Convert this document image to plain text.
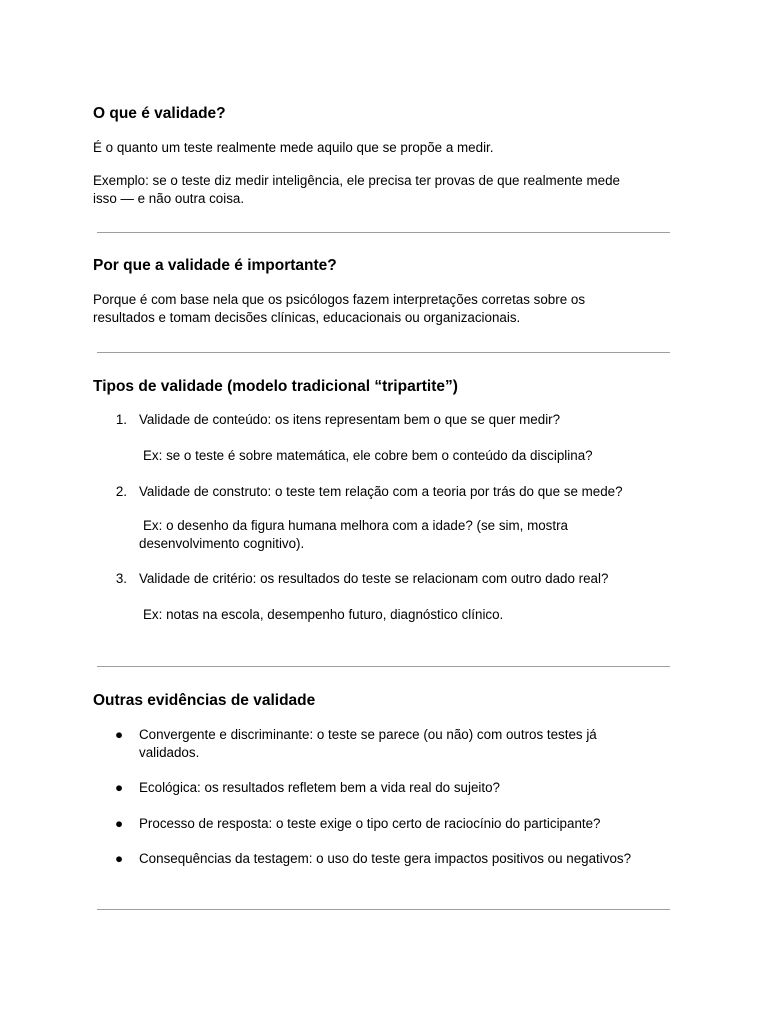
O que é validade?
É o quanto um teste realmente mede aquilo que se propõe a medir.
Exemplo: se o teste diz medir inteligência, ele precisa ter provas de que realmente mede
isso — e não outra coisa.
Por que a validade é importante?
Porque é com base nela que os psicólogos fazem interpretações corretas sobre os
resultados e tomam decisões clínicas, educacionais ou organizacionais.
Tipos de validade (modelo tradicional “tripartite”)
1. Validade de conteúdo: os itens representam bem o que se quer medir?
Ex: se o teste é sobre matemática, ele cobre bem o conteúdo da disciplina?
2. Validade de construto: o teste tem relação com a teoria por trás do que se mede?
Ex: o desenho da figura humana melhora com a idade? (se sim, mostra
desenvolvimento cognitivo).
3. Validade de critério: os resultados do teste se relacionam com outro dado real?
Ex: notas na escola, desempenho futuro, diagnóstico clínico.
Outras evidências de validade
● Convergente e discriminante: o teste se parece (ou não) com outros testes já
validados.
● Ecológica: os resultados refletem bem a vida real do sujeito?
● Processo de resposta: o teste exige o tipo certo de raciocínio do participante?
● Consequências da testagem: o uso do teste gera impactos positivos ou negativos?
